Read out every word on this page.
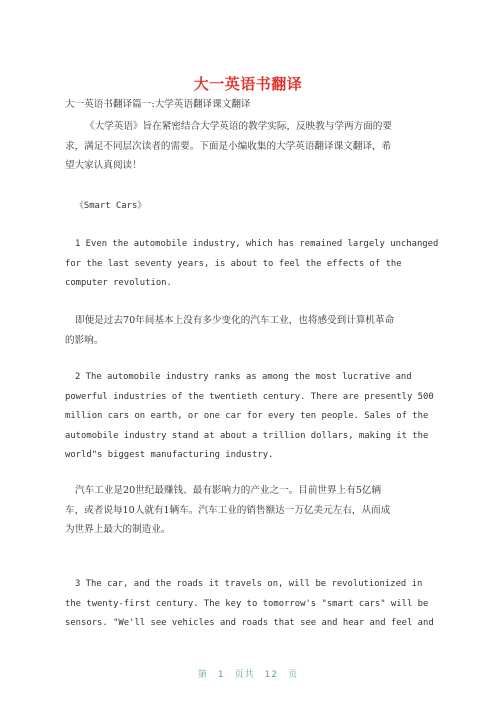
大一英语书翻译
大一英语书翻译篇一:大学英语翻译课文翻译
《大学英语》旨在紧密结合大学英语的教学实际，反映教与学两方面的要
求，满足不同层次读者的需要。下面是小编收集的大学英语翻译课文翻译，希
望大家认真阅读！
《Smart Cars》
1 Even the automobile industry, which has remained largely unchanged
for the last seventy years, is about to feel the effects of the
computer revolution.
即便是过去70年间基本上没有多少变化的汽车工业，也将感受到计算机革命
的影响。
2 The automobile industry ranks as among the most lucrative and
powerful industries of the twentieth century. There are presently 500
million cars on earth, or one car for every ten people. Sales of the
automobile industry stand at about a trillion dollars, making it the
world"s biggest manufacturing industry.
汽车工业是20世纪最赚钱、最有影响力的产业之一。目前世界上有5亿辆
车，或者说每10人就有1辆车。汽车工业的销售额达一万亿美元左右，从而成
为世界上最大的制造业。
3 The car, and the roads it travels on, will be revolutionized in
the twenty-first century. The key to tomorrow's "smart cars" will be
sensors. "We'll see vehicles and roads that see and hear and feel and
第 1 页共 12 页
